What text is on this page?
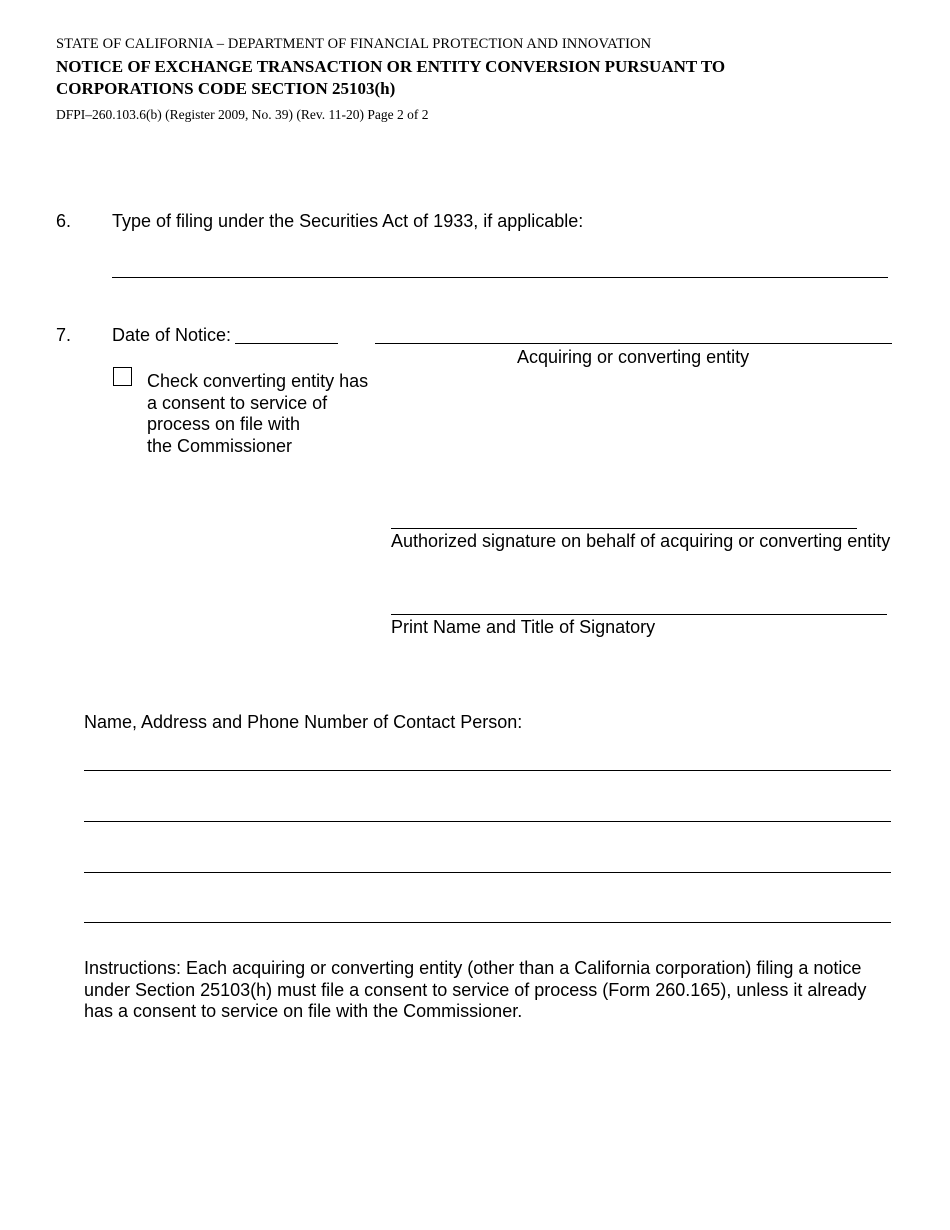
STATE OF CALIFORNIA – DEPARTMENT OF FINANCIAL PROTECTION AND INNOVATION
NOTICE OF EXCHANGE TRANSACTION OR ENTITY CONVERSION PURSUANT TO
CORPORATIONS CODE SECTION 25103(h)
DFPI–260.103.6(b) (Register 2009, No. 39) (Rev. 11-20) Page 2 of 2
6. Type of filing under the Securities Act of 1933, if applicable:
7. Date of Notice:
Acquiring or converting entity
Check converting entity has
a consent to service of
process on file with
the Commissioner
Authorized signature on behalf of acquiring or converting entity
Print Name and Title of Signatory
Name, Address and Phone Number of Contact Person:
Instructions: Each acquiring or converting entity (other than a California corporation) filing a notice
under Section 25103(h) must file a consent to service of process (Form 260.165), unless it already
has a consent to service on file with the Commissioner.
